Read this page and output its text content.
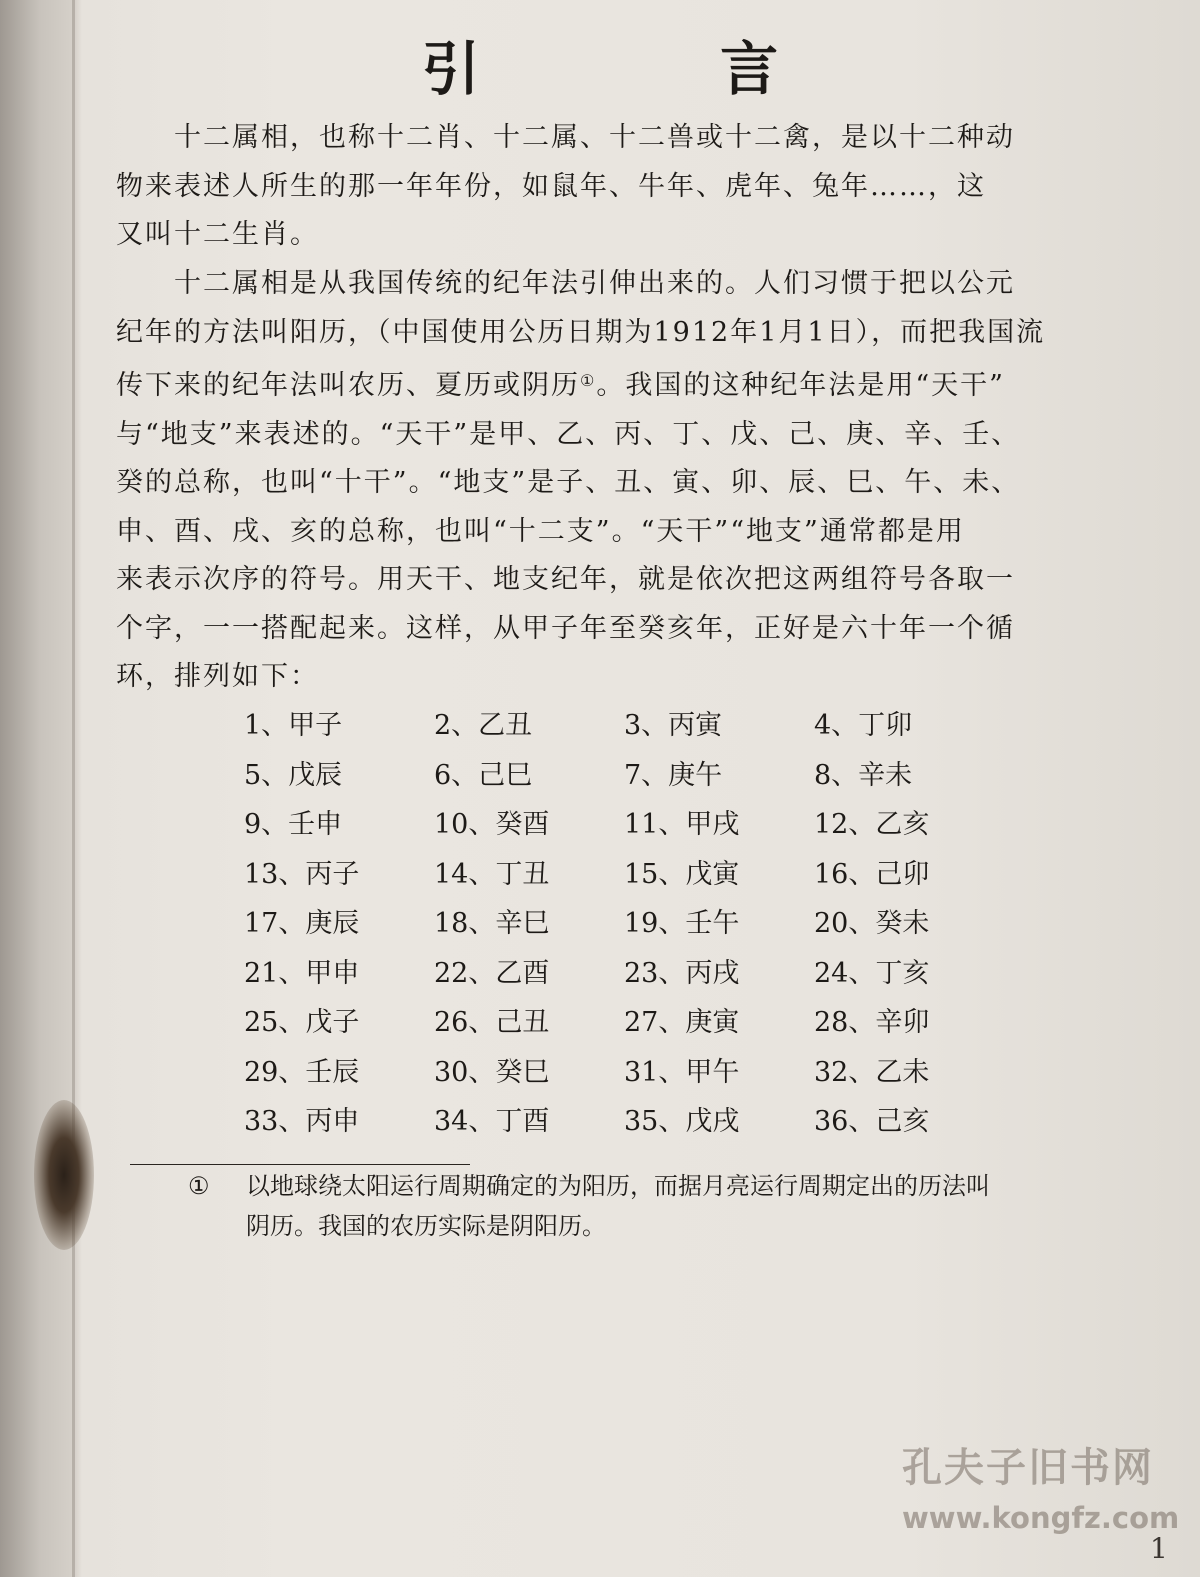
引 言
十二属相，也称十二肖、十二属、十二兽或十二禽，是以十二种动
物来表述人所生的那一年年份，如鼠年、牛年、虎年、兔年……，这
又叫十二生肖。
十二属相是从我国传统的纪年法引伸出来的。人们习惯于把以公元
纪年的方法叫阳历，（中国使用公历日期为1912年1月1日），而把我国流
传下来的纪年法叫农历、夏历或阴历①。我国的这种纪年法是用“天干”
与“地支”来表述的。“天干”是甲、乙、丙、丁、戊、己、庚、辛、壬、
癸的总称，也叫“十干”。“地支”是子、丑、寅、卯、辰、巳、午、未、
申、酉、戌、亥的总称，也叫“十二支”。“天干”“地支”通常都是用
来表示次序的符号。用天干、地支纪年，就是依次把这两组符号各取一
个字，一一搭配起来。这样，从甲子年至癸亥年，正好是六十年一个循
环，排列如下：
1、甲子	2、乙丑	3、丙寅	4、丁卯
5、戊辰	6、己巳	7、庚午	8、辛未
9、壬申	10、癸酉	11、甲戌	12、乙亥
13、丙子	14、丁丑	15、戊寅	16、己卯
17、庚辰	18、辛巳	19、壬午	20、癸未
21、甲申	22、乙酉	23、丙戌	24、丁亥
25、戊子	26、己丑	27、庚寅	28、辛卯
29、壬辰	30、癸巳	31、甲午	32、乙未
33、丙申	34、丁酉	35、戊戌	36、己亥
①	以地球绕太阳运行周期确定的为阳历，而据月亮运行周期定出的历法叫
阴历。我国的农历实际是阴阳历。
孔夫子旧书网
www.kongfz.com
1
